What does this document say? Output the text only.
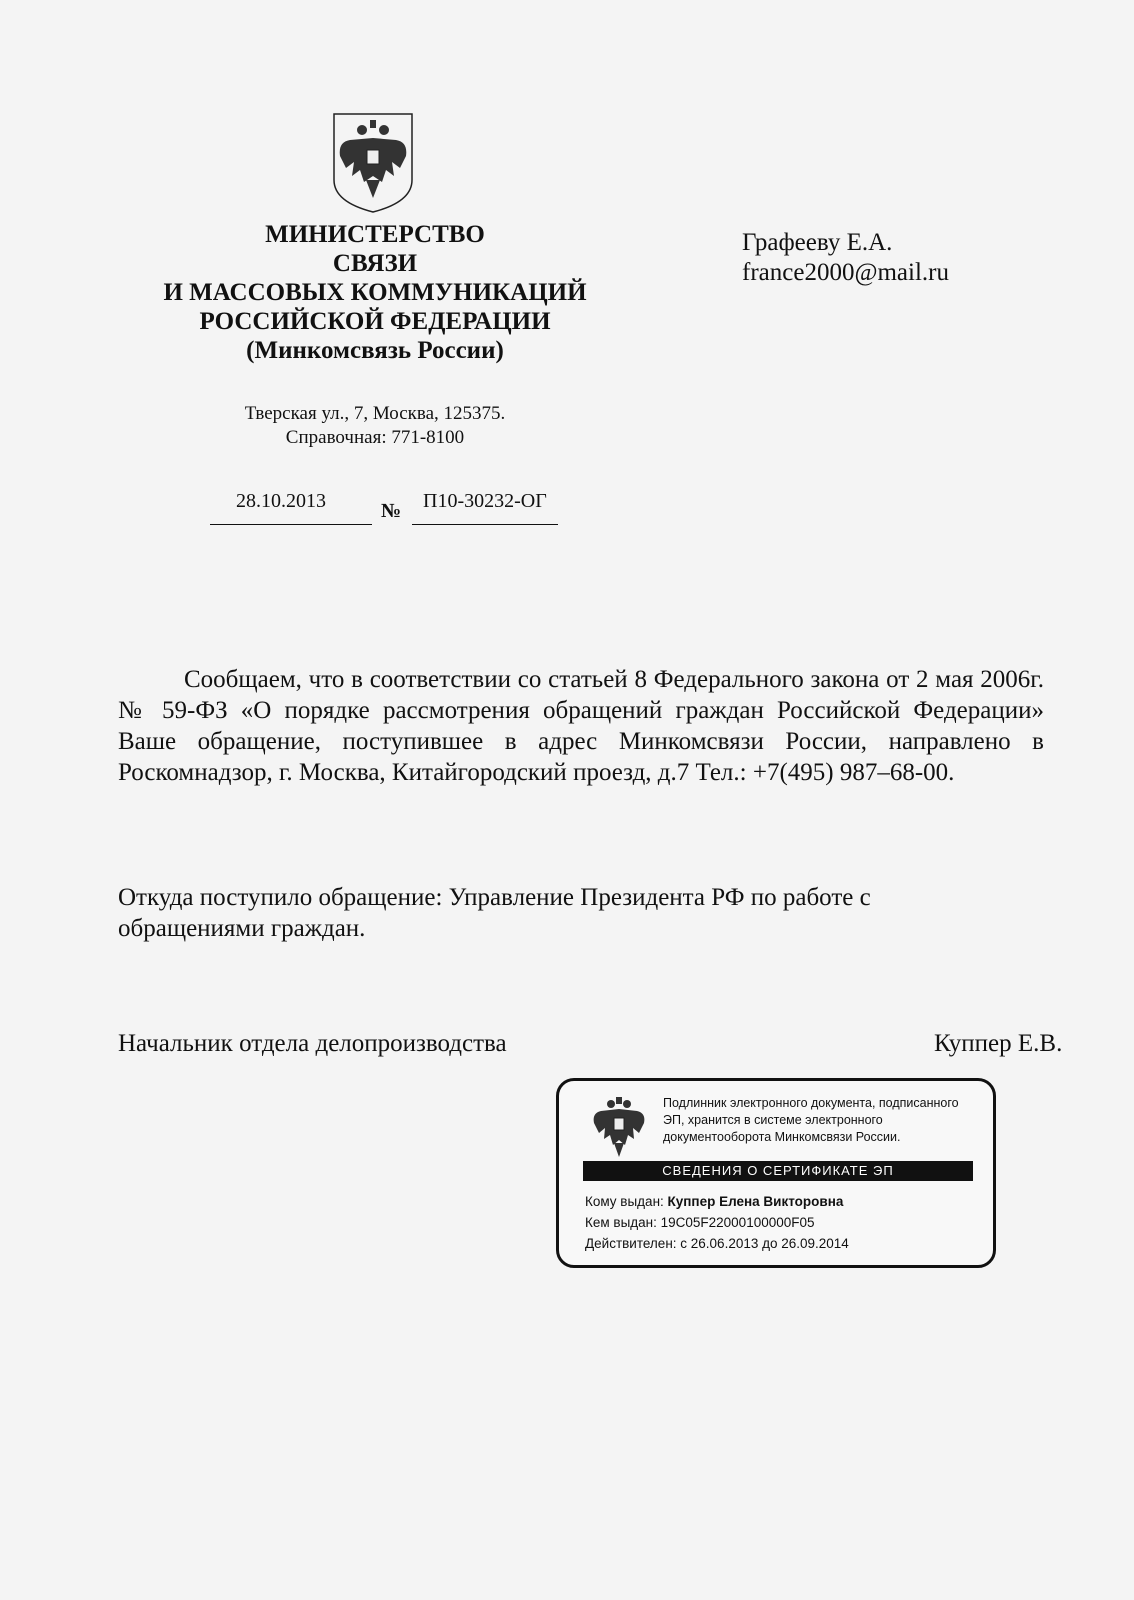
МИНИСТЕРСТВО
СВЯЗИ
И МАССОВЫХ КОММУНИКАЦИЙ
РОССИЙСКОЙ ФЕДЕРАЦИИ
(Минкомсвязь России)
Тверская ул., 7, Москва, 125375.
Справочная: 771-8100
28.10.2013	№ П10-30232-ОГ
Графееву Е.А.
france2000@mail.ru
Сообщаем, что в соответствии со статьей 8 Федерального закона от 2 мая 2006г. № 59-ФЗ «О порядке рассмотрения обращений граждан Российской Федерации» Ваше обращение, поступившее в адрес Минкомсвязи России, направлено в Роскомнадзор, г. Москва, Китайгородский проезд, д.7 Тел.: +7(495) 987–68-00.
Откуда поступило обращение: Управление Президента РФ по работе с обращениями граждан.
Начальник отдела делопроизводства	Куппер Е.В.
Подлинник электронного документа, подписанного
ЭП, хранится в системе электронного
документооборота Минкомсвязи России.
СВЕДЕНИЯ О СЕРТИФИКАТЕ ЭП
Кому выдан: Куппер Елена Викторовна
Кем выдан: 19C05F22000100000F05
Действителен: с 26.06.2013 до 26.09.2014
